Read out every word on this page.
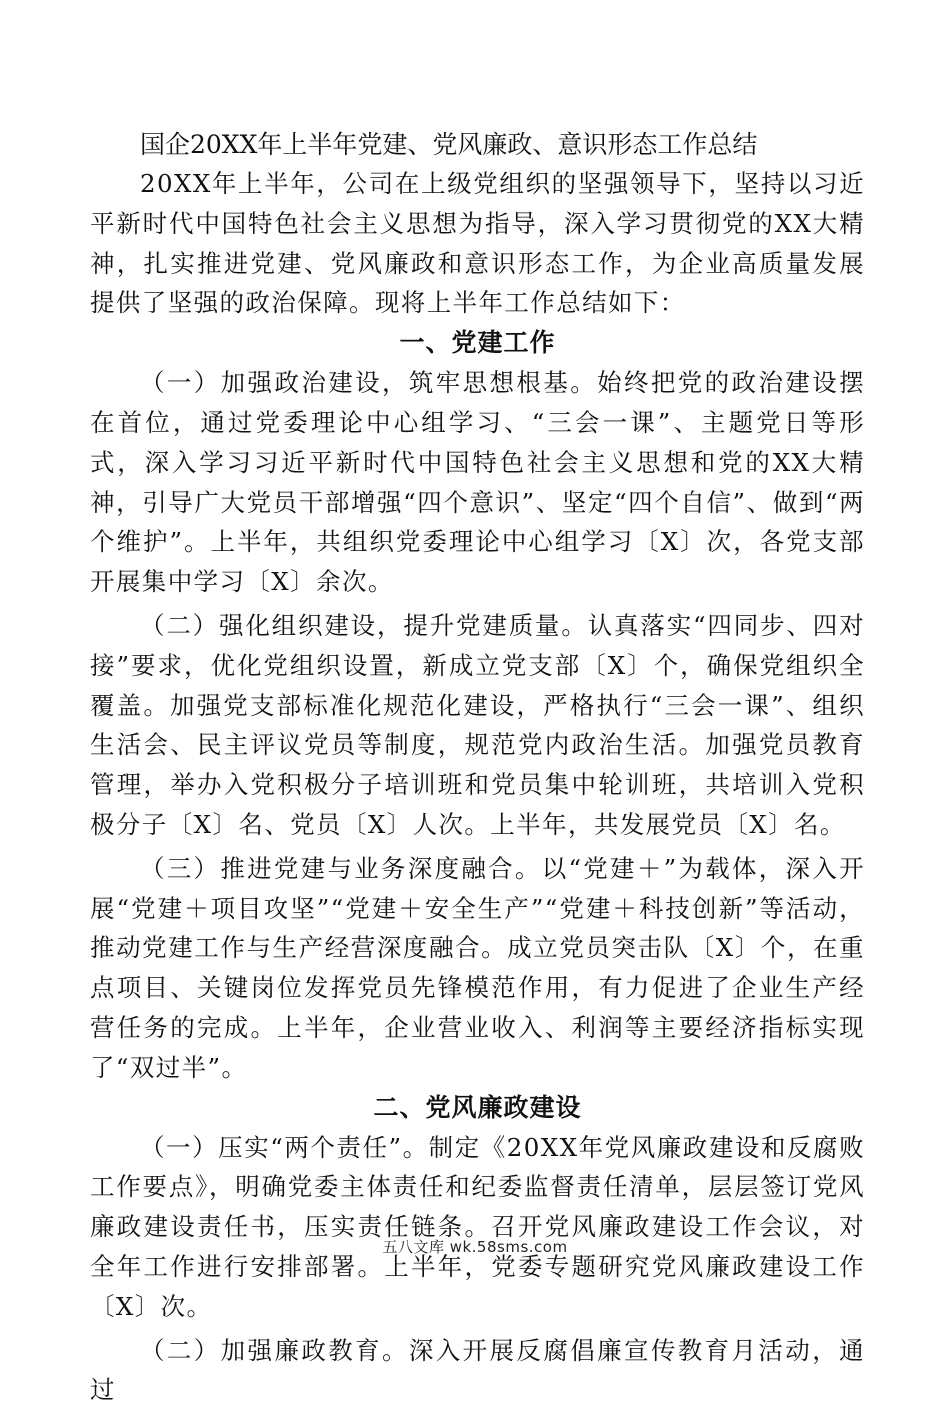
国企20XX年上半年党建、党风廉政、意识形态工作总结

20XX年上半年，公司在上级党组织的坚强领导下，坚持以习近平新时代中国特色社会主义思想为指导，深入学习贯彻党的XX大精神，扎实推进党建、党风廉政和意识形态工作，为企业高质量发展提供了坚强的政治保障。现将上半年工作总结如下：

一、党建工作

（一）加强政治建设，筑牢思想根基。始终把党的政治建设摆在首位，通过党委理论中心组学习、“三会一课”、主题党日等形式，深入学习习近平新时代中国特色社会主义思想和党的XX大精神，引导广大党员干部增强“四个意识”、坚定“四个自信”、做到“两个维护”。上半年，共组织党委理论中心组学习〔X〕次，各党支部开展集中学习〔X〕余次。

（二）强化组织建设，提升党建质量。认真落实“四同步、四对接”要求，优化党组织设置，新成立党支部〔X〕个，确保党组织全覆盖。加强党支部标准化规范化建设，严格执行“三会一课”、组织生活会、民主评议党员等制度，规范党内政治生活。加强党员教育管理，举办入党积极分子培训班和党员集中轮训班，共培训入党积极分子〔X〕名、党员〔X〕人次。上半年，共发展党员〔X〕名。

（三）推进党建与业务深度融合。以“党建＋”为载体，深入开展“党建＋项目攻坚”“党建＋安全生产”“党建＋科技创新”等活动，推动党建工作与生产经营深度融合。成立党员突击队〔X〕个，在重点项目、关键岗位发挥党员先锋模范作用，有力促进了企业生产经营任务的完成。上半年，企业营业收入、利润等主要经济指标实现了“双过半”。

二、党风廉政建设

（一）压实“两个责任”。制定《20XX年党风廉政建设和反腐败工作要点》，明确党委主体责任和纪委监督责任清单，层层签订党风廉政建设责任书，压实责任链条。召开党风廉政建设工作会议，对全年工作进行安排部署。上半年，党委专题研究党风廉政建设工作〔X〕次。

（二）加强廉政教育。深入开展反腐倡廉宣传教育月活动，通过

五八文库 wk.58sms.com
